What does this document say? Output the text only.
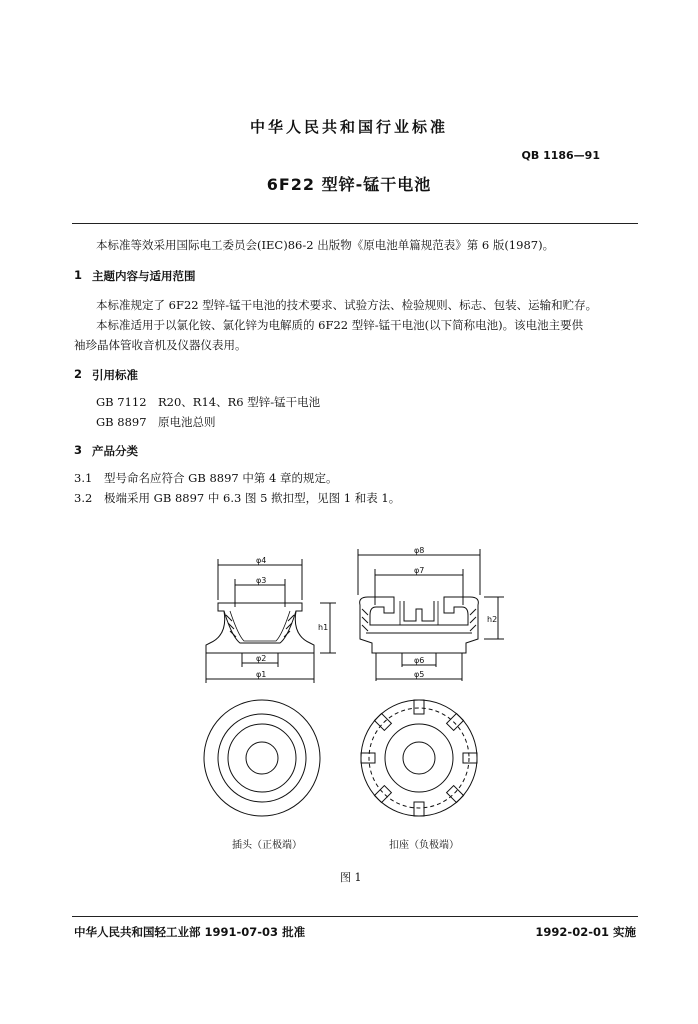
中华人民共和国行业标准
QB 1186—91
6F22 型锌-锰干电池
本标准等效采用国际电工委员会(IEC)86-2 出版物《原电池单篇规范表》第 6 版(1987)。
1 主题内容与适用范围
本标准规定了 6F22 型锌-锰干电池的技术要求、试验方法、检验规则、标志、包装、运输和贮存。
本标准适用于以氯化铵、氯化锌为电解质的 6F22 型锌-锰干电池(以下简称电池)。该电池主要供
袖珍晶体管收音机及仪器仪表用。
2 引用标准
GB 7112 R20、R14、R6 型锌-锰干电池
GB 8897 原电池总则
3 产品分类
3.1 型号命名应符合 GB 8897 中第 4 章的规定。
3.2 极端采用 GB 8897 中 6.3 图 5 揿扣型，见图 1 和表 1。
φ4
φ3
φ2
φ1
h1
φ8
φ7
φ6
φ5
h2
插头（正极端）	扣座（负极端）
图 1
中华人民共和国轻工业部 1991-07-03 批准	1992-02-01 实施
